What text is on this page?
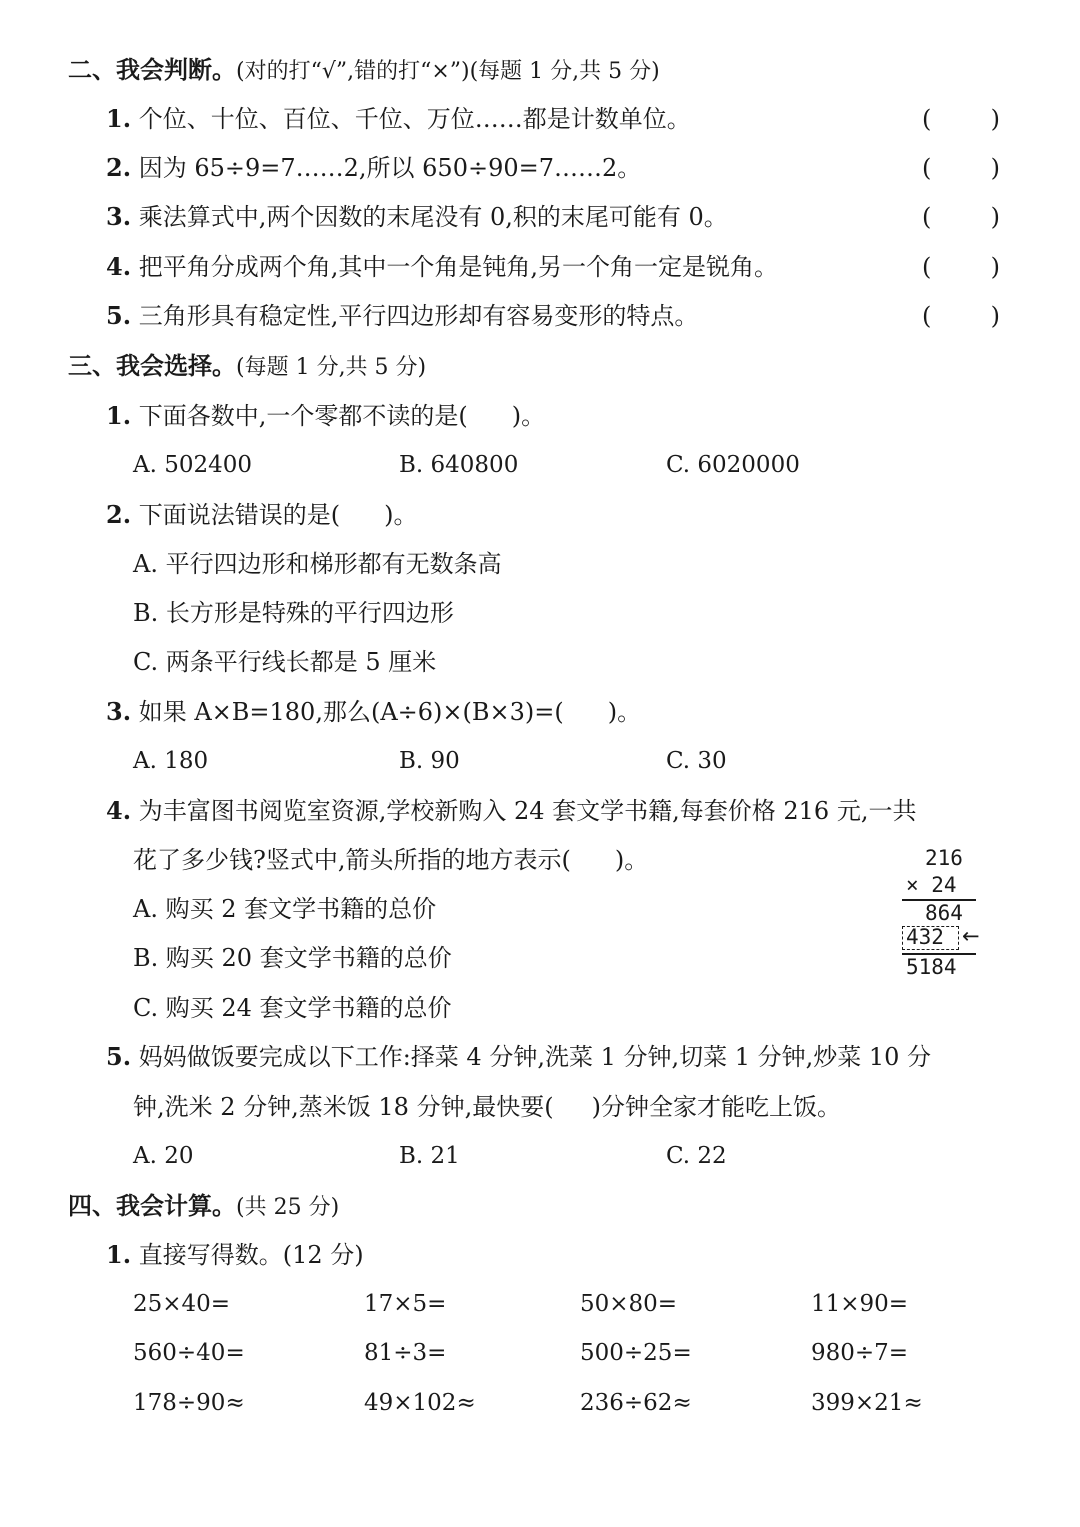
二、我会判断。(对的打“√”,错的打“×”)(每题 1 分,共 5 分)
1. 个位、十位、百位、千位、万位……都是计数单位。	( )
2. 因为 65÷9=7……2,所以 650÷90=7……2。	( )
3. 乘法算式中,两个因数的末尾没有 0,积的末尾可能有 0。	( )
4. 把平角分成两个角,其中一个角是钝角,另一个角一定是锐角。	( )
5. 三角形具有稳定性,平行四边形却有容易变形的特点。	( )
三、我会选择。(每题 1 分,共 5 分)
1. 下面各数中,一个零都不读的是( )。
A. 502400	B. 640800	C. 6020000
2. 下面说法错误的是( )。
A. 平行四边形和梯形都有无数条高
B. 长方形是特殊的平行四边形
C. 两条平行线长都是 5 厘米
3. 如果 A×B=180,那么(A÷6)×(B×3)=( )。
A. 180	B. 90	C. 30
4. 为丰富图书阅览室资源,学校新购入 24 套文学书籍,每套价格 216 元,一共
花了多少钱?竖式中,箭头所指的地方表示( )。
A. 购买 2 套文学书籍的总价
B. 购买 20 套文学书籍的总价
C. 购买 24 套文学书籍的总价
216
× 24
864
432 ←
5184
5. 妈妈做饭要完成以下工作:择菜 4 分钟,洗菜 1 分钟,切菜 1 分钟,炒菜 10 分
钟,洗米 2 分钟,蒸米饭 18 分钟,最快要( )分钟全家才能吃上饭。
A. 20	B. 21	C. 22
四、我会计算。(共 25 分)
1. 直接写得数。(12 分)
25×40=	17×5=	50×80=	11×90=
560÷40=	81÷3=	500÷25=	980÷7=
178÷90≈	49×102≈	236÷62≈	399×21≈
